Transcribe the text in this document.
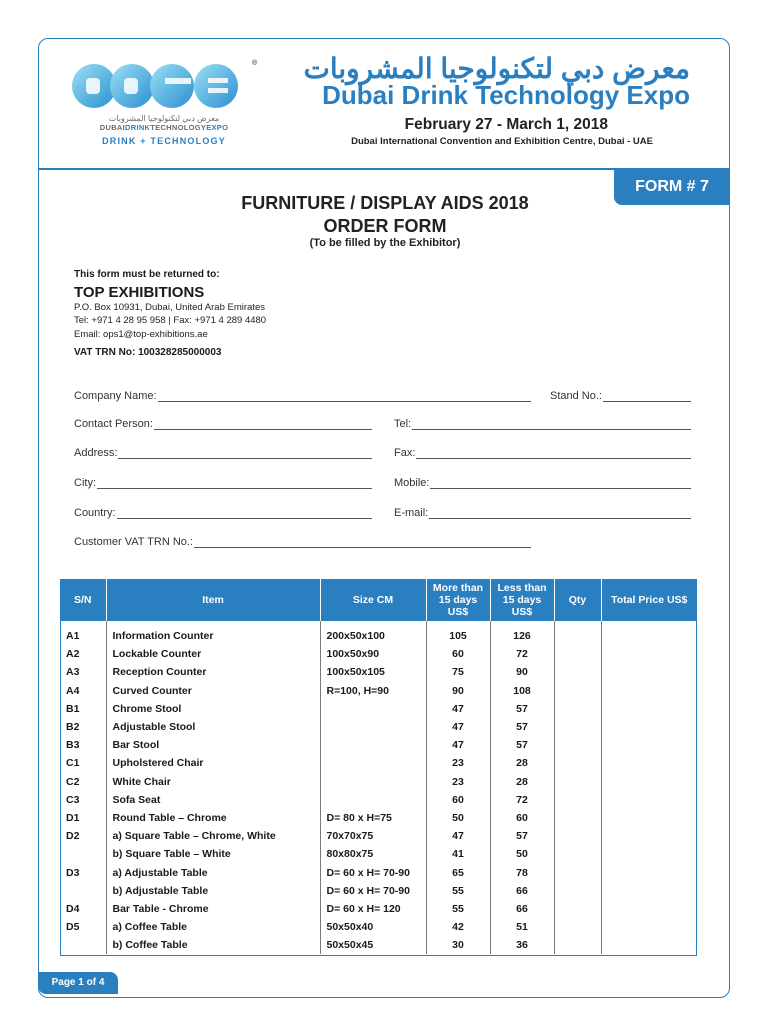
®
معرض دبي لتكنولوجيا المشروبات
DUBAIDRINKTECHNOLOGYEXPO
DRINK + TECHNOLOGY
معرض دبي لتكنولوجيا المشروبات
Dubai Drink Technology Expo
February 27 - March 1, 2018
Dubai International Convention and Exhibition Centre, Dubai - UAE
FORM # 7
FURNITURE / DISPLAY AIDS 2018
ORDER FORM
(To be filled by the Exhibitor)
This form must be returned to:
TOP EXHIBITIONS
P.O. Box 10931, Dubai, United Arab Emirates
Tel: +971 4 28 95 958 | Fax: +971 4 289 4480
Email: ops1@top-exhibitions.ae
VAT TRN No: 100328285000003
Company Name:	Stand No.:
Contact Person:	Tel:
Address:	Fax:
City:	Mobile:
Country:	E-mail:
Customer VAT TRN No.:
S/N	Item	Size CM	More than 15 days US$	Less than 15 days US$	Qty	Total Price US$
A1	Information Counter	200x50x100	105	126		
A2	Lockable Counter	100x50x90	60	72		
A3	Reception Counter	100x50x105	75	90		
A4	Curved Counter	R=100, H=90	90	108		
B1	Chrome Stool		47	57		
B2	Adjustable Stool		47	57		
B3	Bar Stool		47	57		
C1	Upholstered Chair		23	28		
C2	White Chair		23	28		
C3	Sofa Seat		60	72		
D1	Round Table – Chrome	D= 80 x H=75	50	60		
D2	a) Square Table – Chrome, White	70x70x75	47	57		
	b) Square Table – White	80x80x75	41	50		
D3	a) Adjustable Table	D= 60 x H= 70-90	65	78		
	b) Adjustable Table	D= 60 x H= 70-90	55	66		
D4	Bar Table - Chrome	D= 60 x H= 120	55	66		
D5	a) Coffee Table	50x50x40	42	51		
	b) Coffee Table	50x50x45	30	36		
Page 1 of 4
